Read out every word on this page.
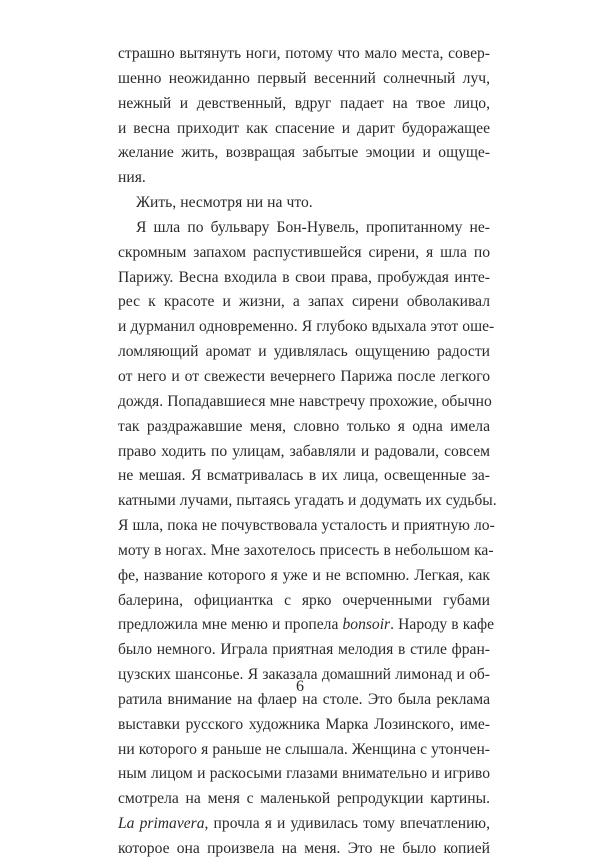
страшно вытянуть ноги, потому что мало места, совер-
шенно неожиданно первый весенний солнечный луч,
нежный и девственный, вдруг падает на твое лицо,
и весна приходит как спасение и дарит будоражащее
желание жить, возвращая забытые эмоции и ощуще-
ния.
Жить, несмотря ни на что.
Я шла по бульвару Бон-Нувель, пропитанному не-
скромным запахом распустившейся сирени, я шла по
Парижу. Весна входила в свои права, пробуждая инте-
рес к красоте и жизни, а запах сирени обволакивал
и дурманил одновременно. Я глубоко вдыхала этот оше-
ломляющий аромат и удивлялась ощущению радости
от него и от свежести вечернего Парижа после легкого
дождя. Попадавшиеся мне навстречу прохожие, обычно
так раздражавшие меня, словно только я одна имела
право ходить по улицам, забавляли и радовали, совсем
не мешая. Я всматривалась в их лица, освещенные за-
катными лучами, пытаясь угадать и додумать их судьбы.
Я шла, пока не почувствовала усталость и приятную ло-
моту в ногах. Мне захотелось присесть в небольшом ка-
фе, название которого я уже и не вспомню. Легкая, как
балерина, официантка с ярко очерченными губами
предложила мне меню и пропела bonsoir. Народу в кафе
было немного. Играла приятная мелодия в стиле фран-
цузских шансонье. Я заказала домашний лимонад и об-
ратила внимание на флаер на столе. Это была реклама
выставки русского художника Марка Лозинского, име-
ни которого я раньше не слышала. Женщина с утончен-
ным лицом и раскосыми глазами внимательно и игриво
смотрела на меня с маленькой репродукции картины.
La primavera, прочла я и удивилась тому впечатлению,
которое она произвела на меня. Это не было копией
6
